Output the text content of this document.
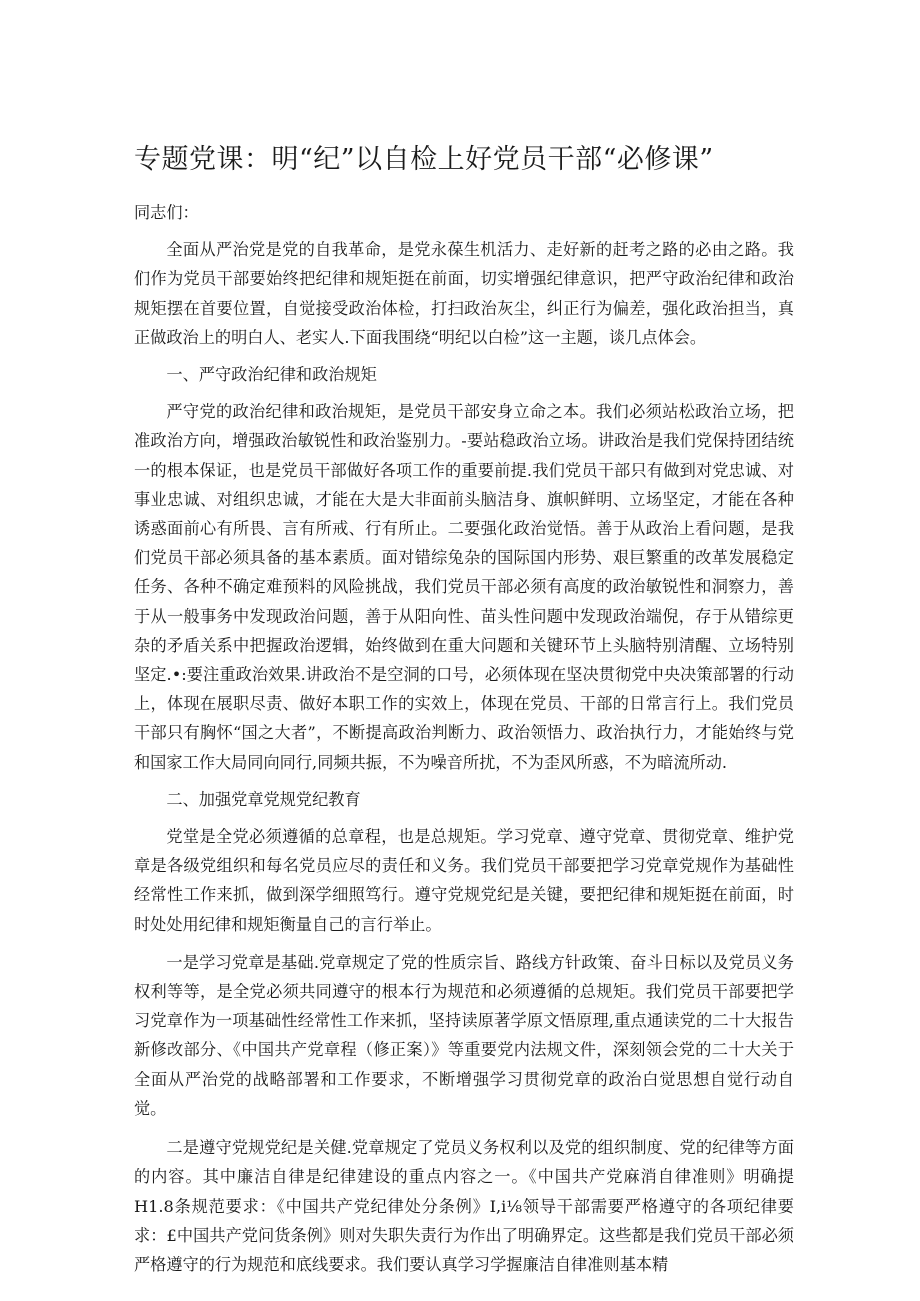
专题党课：明“纪”以自检上好党员干部“必修课”

同志们：

全面从严治党是党的自我革命，是党永葆生机活力、走好新的赶考之路的必由之路。我们作为党员干部要始终把纪律和规矩挺在前面，切实增强纪律意识，把严守政治纪律和政治规矩摆在首要位置，自觉接受政治体检，打扫政治灰尘，纠正行为偏差，强化政治担当，真正做政治上的明白人、老实人.下面我围绕“明纪以白检”这一主题，谈几点体会。

一、严守政治纪律和政治规矩

严守党的政治纪律和政治规矩，是党员干部安身立命之本。我们必须站松政治立场，把准政治方向，增强政治敏锐性和政治鉴别力。-要站稳政治立场。讲政治是我们党保持团结统一的根本保证，也是党员干部做好各项工作的重要前提.我们党员干部只有做到对党忠诚、对事业忠诚、对组织忠诚，才能在大是大非面前头脑洁身、旗帜鲜明、立场坚定，才能在各种诱惑面前心有所畏、言有所戒、行有所止。二要强化政治觉悟。善于从政治上看问题，是我们党员干部必须具备的基本素质。面对错综兔杂的国际国内形势、艰巨繁重的改革发展稳定任务、各种不确定难预料的风险挑战，我们党员干部必须有高度的政治敏锐性和洞察力，善于从一般事务中发现政治问题，善于从阳向性、苗头性问题中发现政治端倪，存于从错综更杂的矛盾关系中把握政治逻辑，始终做到在重大问题和关键环节上头脑特别清醒、立场特别坚定.•:要注重政治效果.讲政治不是空洞的口号，必须体现在坚决贯彻党中央决策部署的行动上，体现在展职尽责、做好本职工作的实效上，体现在党员、干部的日常言行上。我们党员干部只有胸怀“国之大者”，不断提高政治判断力、政治领悟力、政治执行力，才能始终与党和国家工作大局同向同行,同频共振，不为噪音所扰，不为歪风所惑，不为暗流所动.

二、加强党章党规党纪教育

党堂是全党必须遵循的总章程，也是总规矩。学习党章、遵守党章、贯彻党章、维护党章是各级党组织和每名党员应尽的责任和义务。我们党员干部要把学习党章党规作为基础性经常性工作来抓，做到深学细照笃行。遵守党规党纪是关键，要把纪律和规矩挺在前面，时时处处用纪律和规矩衡量自己的言行举止。

一是学习党章是基础.党章规定了党的性质宗旨、路线方针政策、奋斗日标以及党员义务权利等等，是全党必须共同遵守的根本行为规范和必须遵循的总规矩。我们党员干部要把学习党章作为一项基础性经常性工作来抓，坚持读原著学原文悟原理,重点通读党的二十大报告新修改部分、《中国共产党章程（修正案）》等重要党内法规文件，深刻领会党的二十大关于全面从严治党的战略部署和工作要求，不断增强学习贯彻党章的政治白觉思想自觉行动自觉。

二是遵守党规党纪是关健.党章规定了党员义务权利以及党的组织制度、党的纪律等方面的内容。其中廉洁自律是纪律建设的重点内容之一。《中国共产党麻消自律准则》明确提H1.8条规范要求：《中国共产党纪律处分条例》I,i⅛领导干部需要严格遵守的各项纪律要求：£中国共产党问货条例》则对失职失责行为作出了明确界定。这些都是我们党员干部必须严格遵守的行为规范和底线要求。我们要认真学习学握廉洁自律准则基本精
